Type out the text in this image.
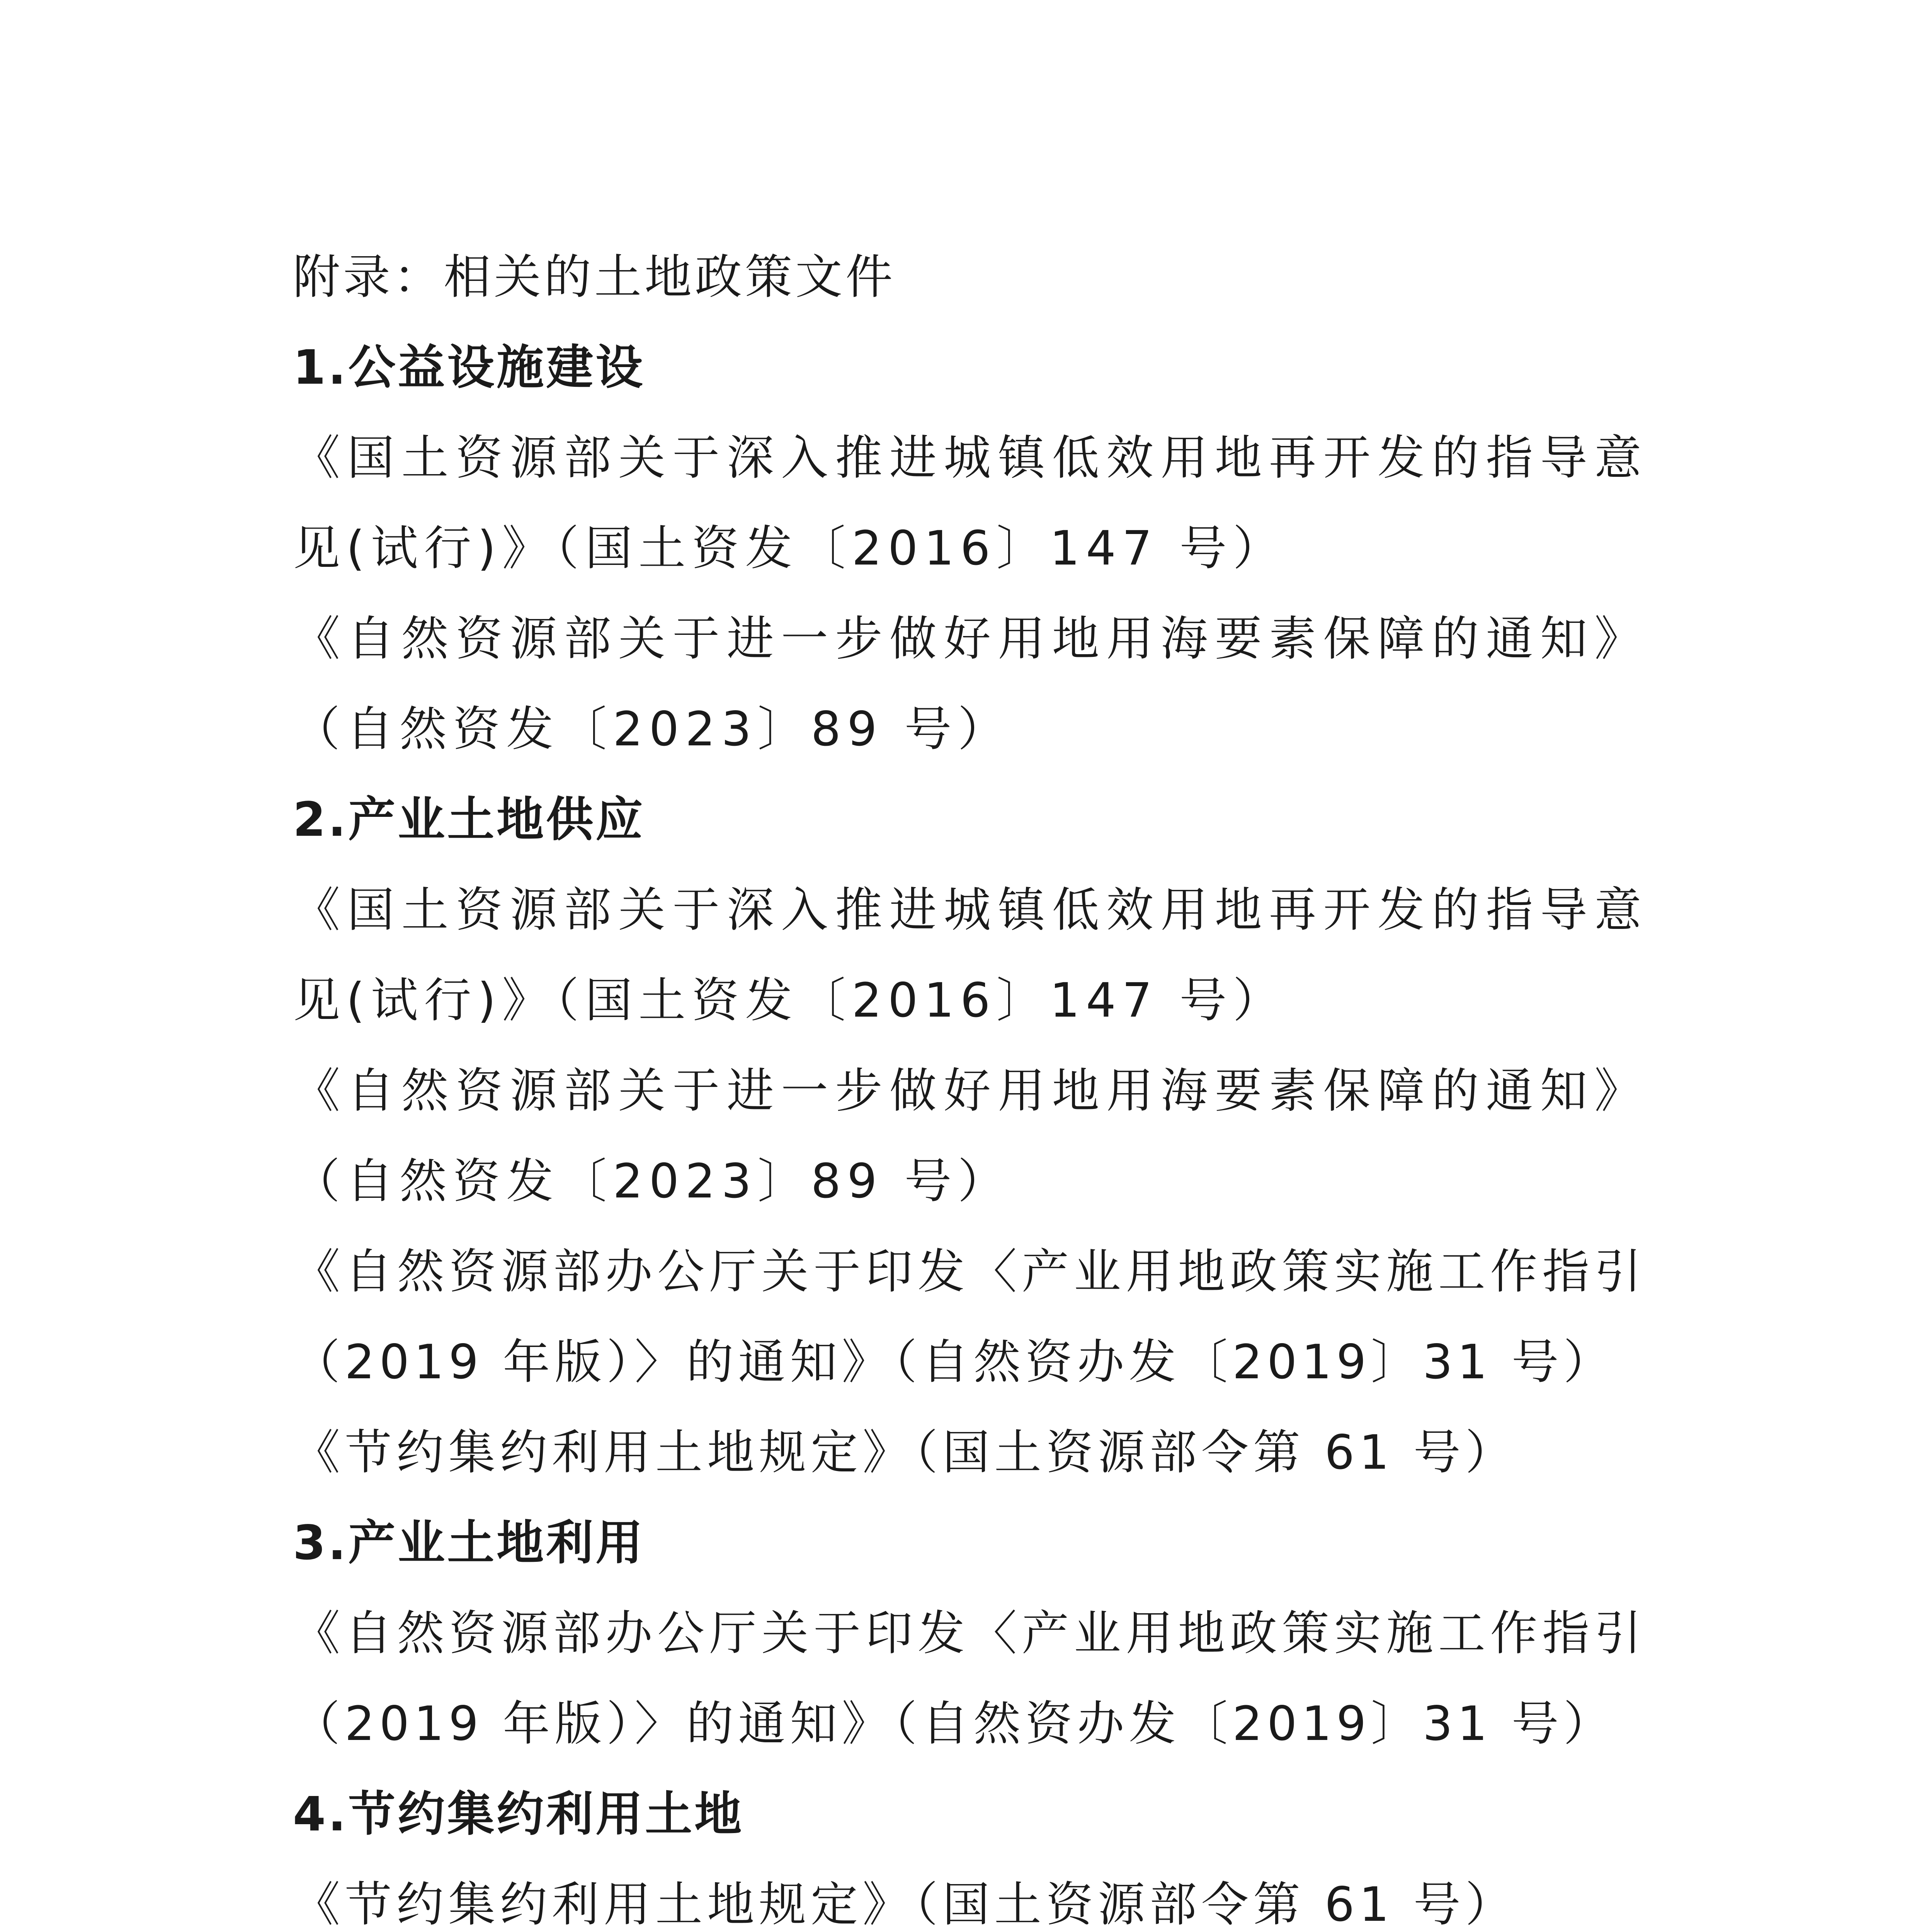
附录：相关的土地政策文件
1.公益设施建设
《国土资源部关于深入推进城镇低效用地再开发的指导意
见(试行)》（国土资发〔2016〕147 号）
《自然资源部关于进一步做好用地用海要素保障的通知》
（自然资发〔2023〕89 号）
2.产业土地供应
《国土资源部关于深入推进城镇低效用地再开发的指导意
见(试行)》（国土资发〔2016〕147 号）
《自然资源部关于进一步做好用地用海要素保障的通知》
（自然资发〔2023〕89 号）
《自然资源部办公厅关于印发〈产业用地政策实施工作指引
（2019 年版）〉的通知》（自然资办发〔2019〕31 号）
《节约集约利用土地规定》（国土资源部令第 61 号）
3.产业土地利用
《自然资源部办公厅关于印发〈产业用地政策实施工作指引
（2019 年版）〉的通知》（自然资办发〔2019〕31 号）
4.节约集约利用土地
《节约集约利用土地规定》（国土资源部令第 61 号）
